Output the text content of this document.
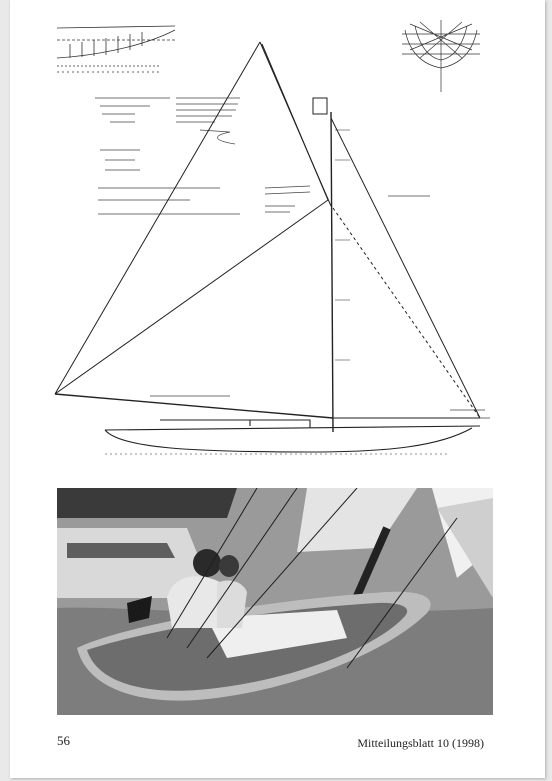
56	Mitteilungsblatt 10 (1998)
